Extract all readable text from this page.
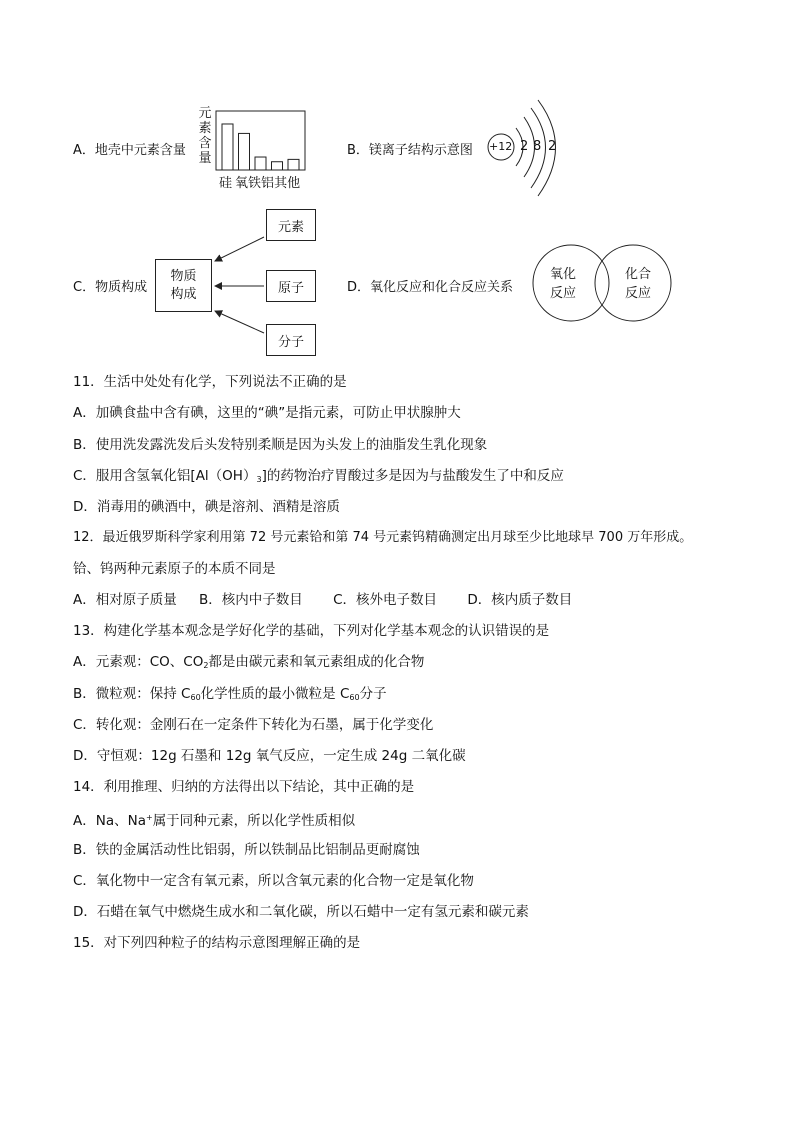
A．地壳中元素含量
元
素
含
量
硅 氧铁铝其他
B．镁离子结构示意图 +12 2 8 2
C．物质构成
物质
构成
元素
原子
分子
D．氧化反应和化合反应关系
氧化
反应
化合
反应
11．生活中处处有化学，下列说法不正确的是
A．加碘食盐中含有碘，这里的“碘”是指元素，可防止甲状腺肿大
B．使用洗发露洗发后头发特别柔顺是因为头发上的油脂发生乳化现象
C．服用含氢氧化铝$[Al(OH)_3]$的药物治疗胃酸过多是因为与盐酸发生了中和反应
D．消毒用的碘酒中，碘是溶剂、酒精是溶质
12．最近俄罗斯科学家利用第 72 号元素铪和第 74 号元素钨精确测定出月球至少比地球早 700 万年形成。
铪、钨两种元素原子的本质不同是
A．相对原子质量 B．核内中子数目 C．核外电子数目 D．核内质子数目
13．构建化学基本观念是学好化学的基础，下列对化学基本观念的认识错误的是
A．元素观：CO、$CO_2$都是由碳元素和氧元素组成的化合物
B．微粒观：保持 $C_{60}$化学性质的最小微粒是 $C_{60}$分子
C．转化观：金刚石在一定条件下转化为石墨，属于化学变化
D．守恒观：12g 石墨和 12g 氧气反应，一定生成 24g 二氧化碳
14．利用推理、归纳的方法得出以下结论，其中正确的是
A．Na、Na+属于同种元素，所以化学性质相似
B．铁的金属活动性比铝弱，所以铁制品比铝制品更耐腐蚀
C．氧化物中一定含有氧元素，所以含氧元素的化合物一定是氧化物
D．石蜡在氧气中燃烧生成水和二氧化碳，所以石蜡中一定有氢元素和碳元素
15．对下列四种粒子的结构示意图理解正确的是
